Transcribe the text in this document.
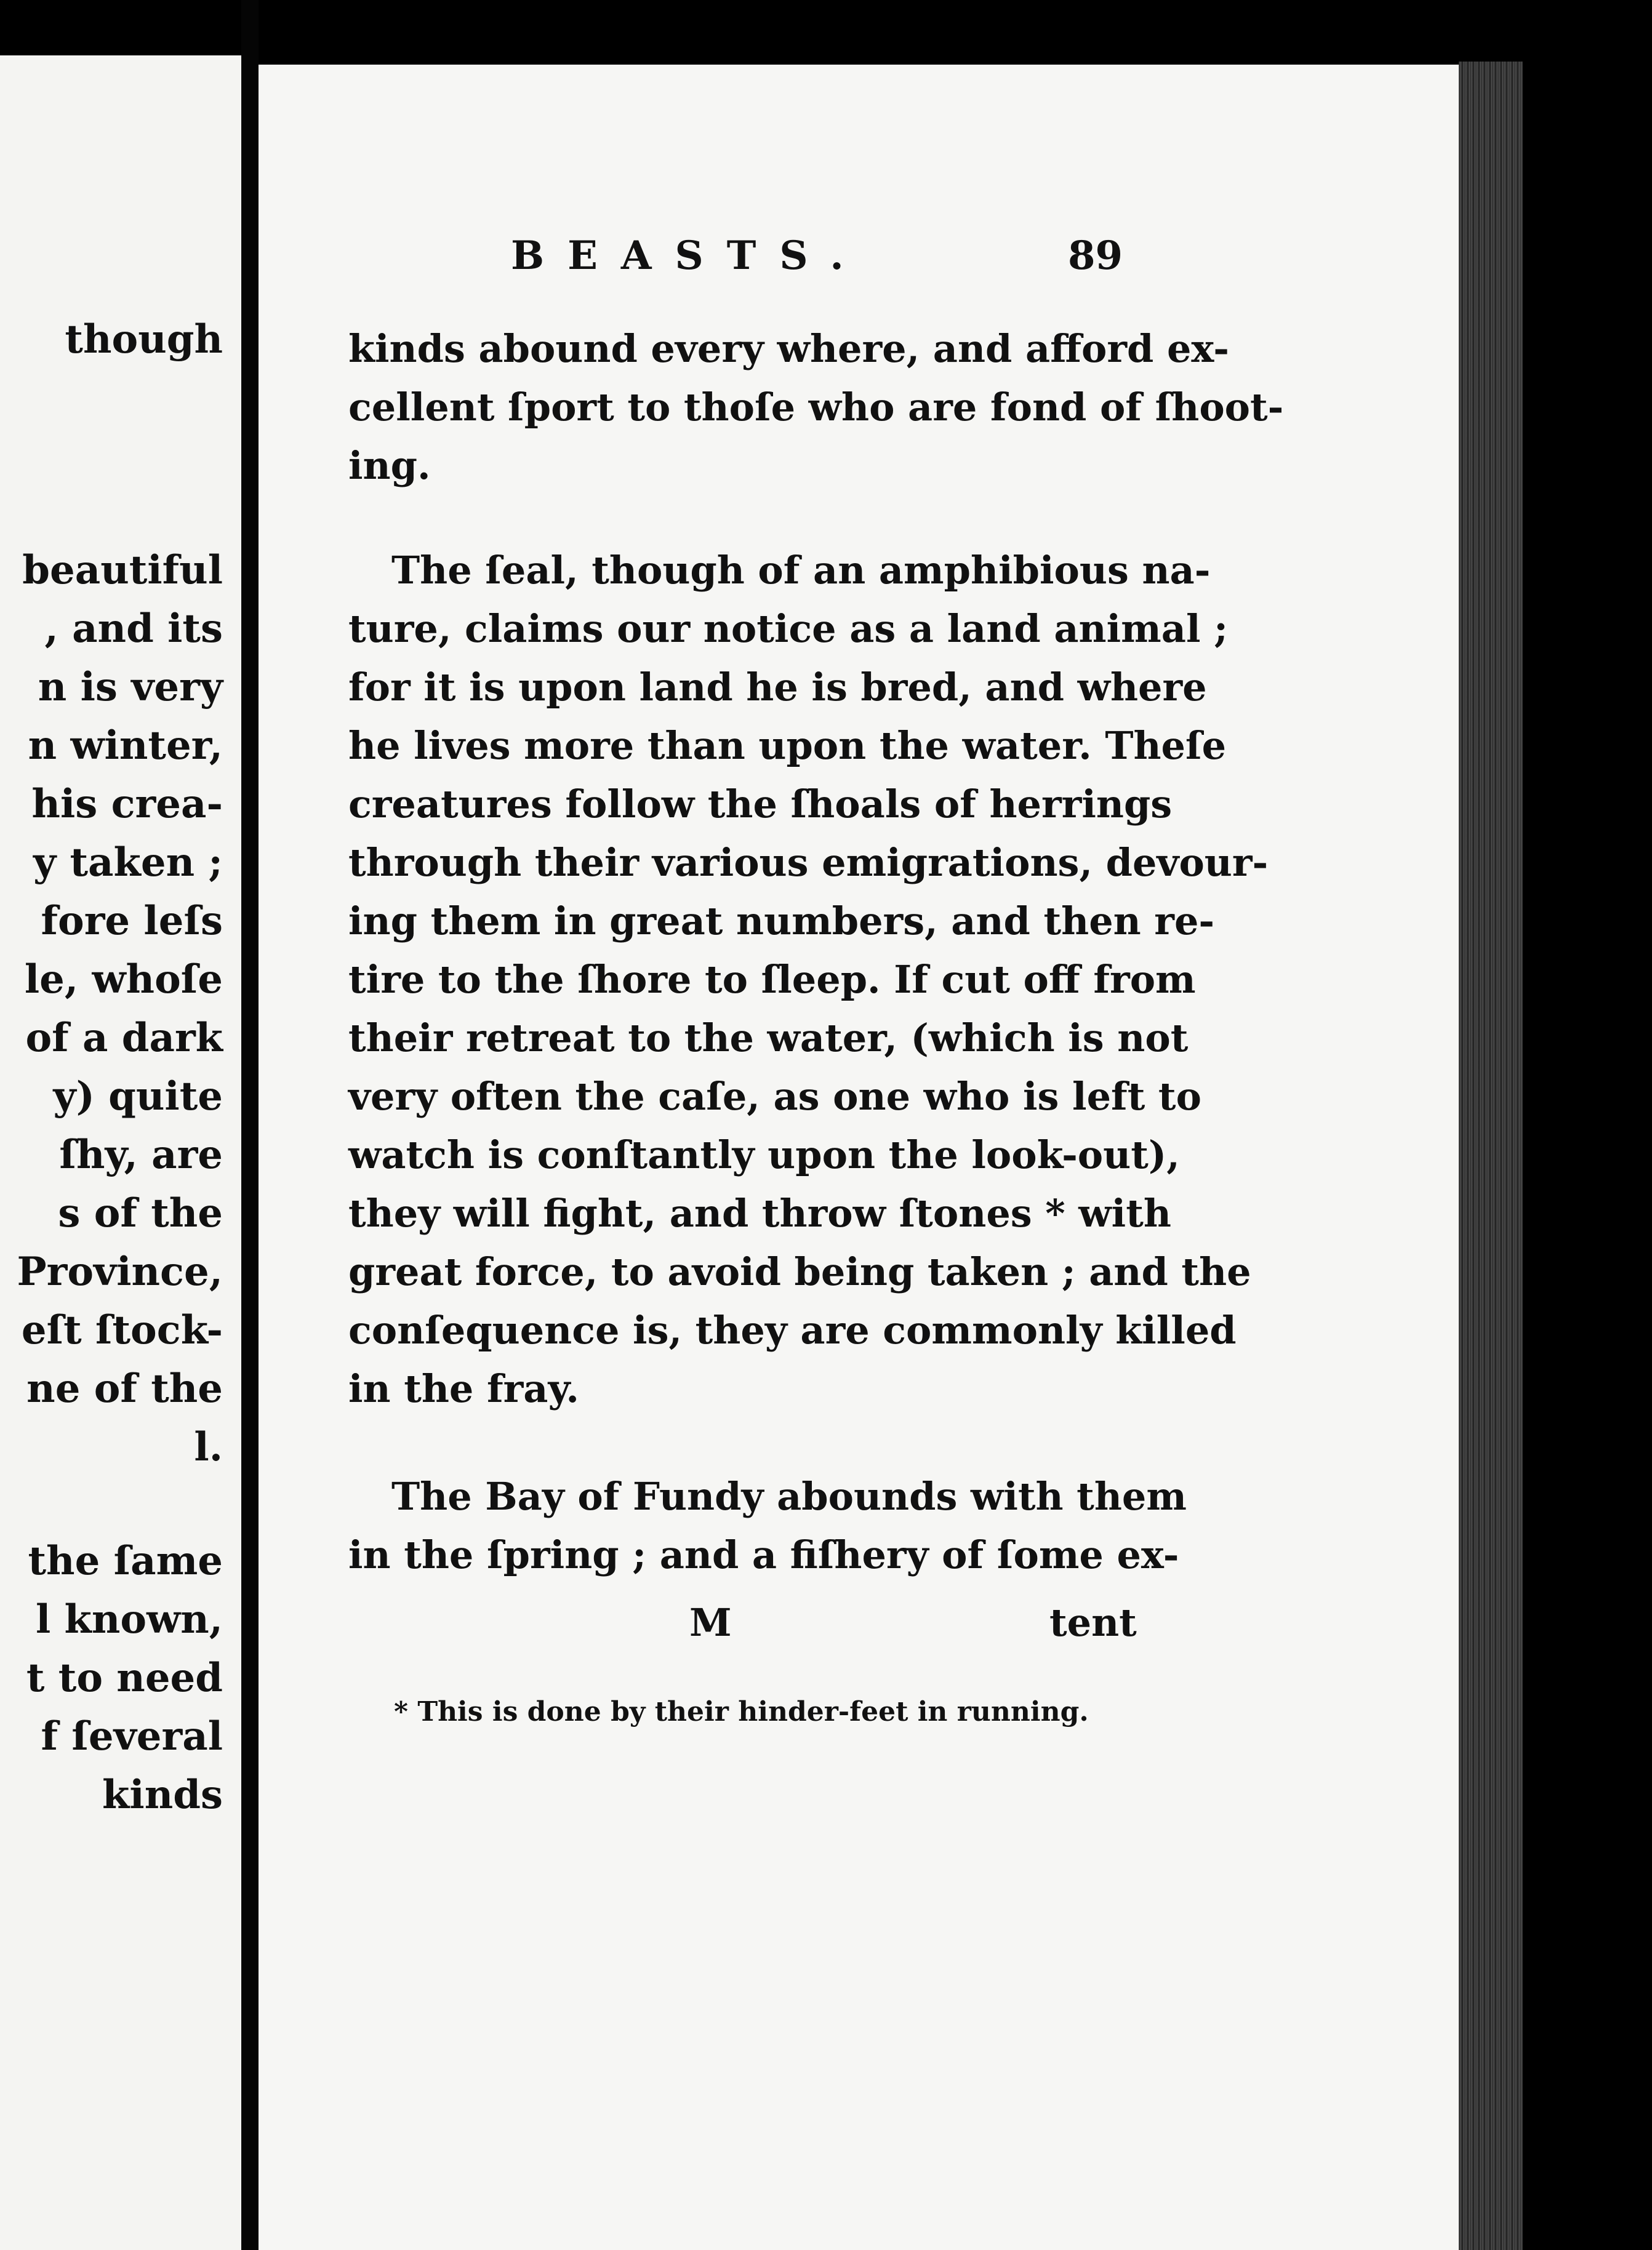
though
beautiful
, and its
n is very
n winter,
his crea-
y taken ;
fore leſs
le, whoſe
of a dark
y) quite
ſhy, are
s of the
Province,
eſt ſtock-
ne of the
l.
the ſame
l known,
t to need
f ſeveral
kinds
BEASTS.	89
kinds abound every where, and afford ex-
cellent ſport to thoſe who are fond of ſhoot-
ing.
The ſeal, though of an amphibious na-
ture, claims our notice as a land animal ;
for it is upon land he is bred, and where
he lives more than upon the water. Theſe
creatures follow the ſhoals of herrings
through their various emigrations, devour-
ing them in great numbers, and then re-
tire to the ſhore to ſleep. If cut off from
their retreat to the water, (which is not
very often the caſe, as one who is left to
watch is conſtantly upon the look-out),
they will fight, and throw ſtones * with
great force, to avoid being taken ; and the
conſequence is, they are commonly killed
in the fray.
The Bay of Fundy abounds with them
in the ſpring ; and a fiſhery of ſome ex-
M	tent
* This is done by their hinder-feet in running.
